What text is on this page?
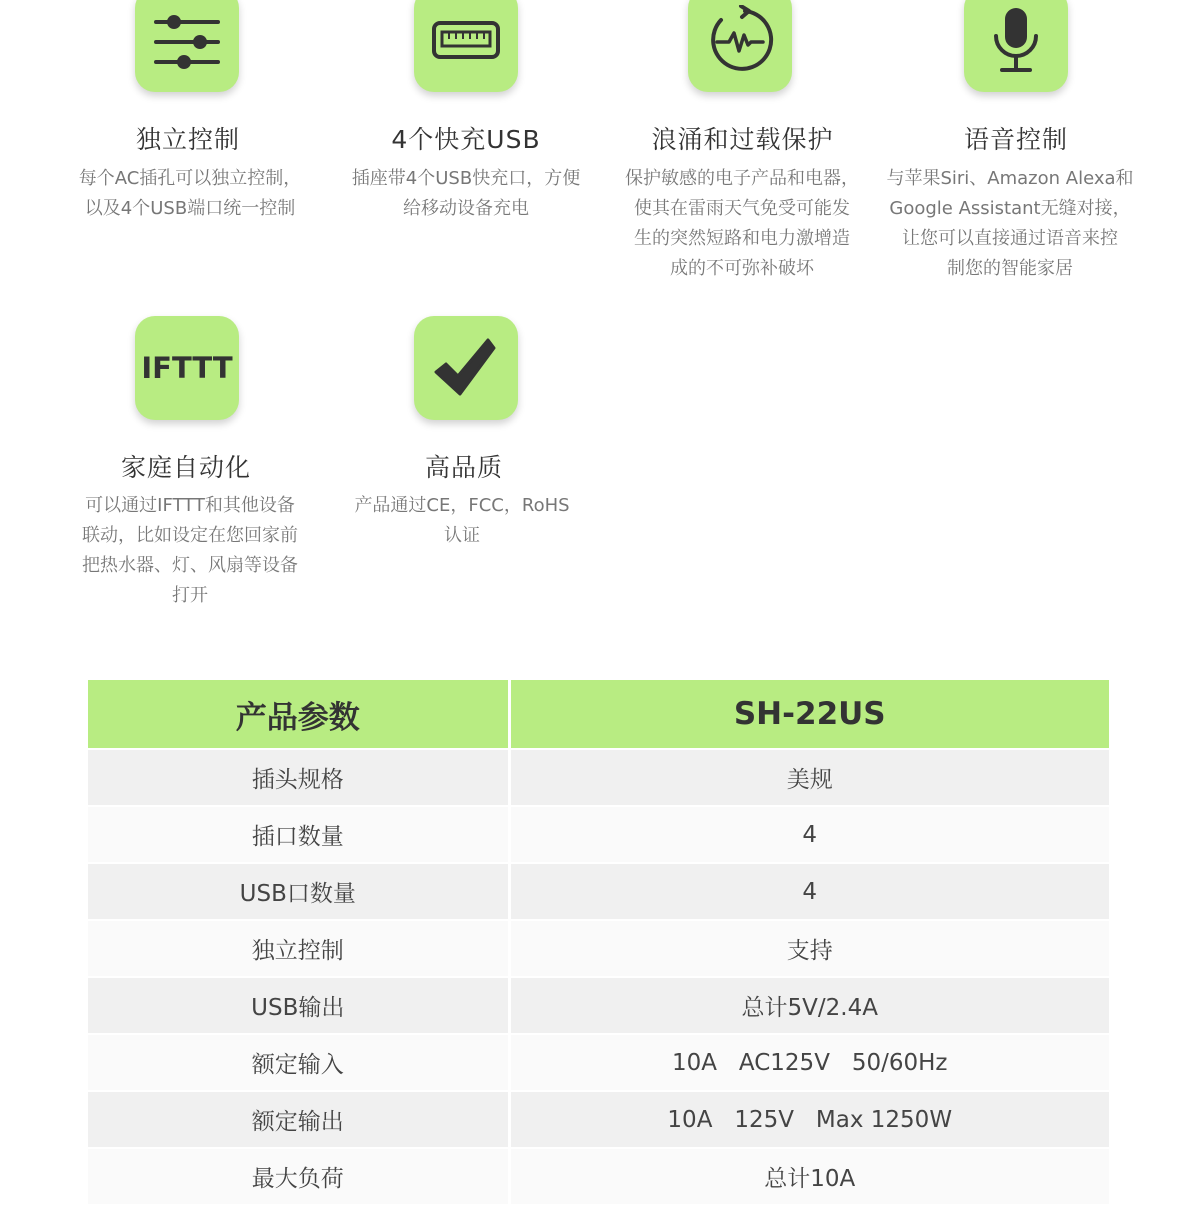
独立控制
每个AC插孔可以独立控制，
以及4个USB端口统一控制
4个快充USB
插座带4个USB快充口，方便
给移动设备充电
浪涌和过载保护
保护敏感的电子产品和电器，
使其在雷雨天气免受可能发
生的突然短路和电力激增造
成的不可弥补破坏
语音控制
与苹果Siri、Amazon Alexa和
Google Assistant无缝对接，
让您可以直接通过语音来控
制您的智能家居
IFTTT
家庭自动化
可以通过IFTTT和其他设备
联动，比如设定在您回家前
把热水器、灯、风扇等设备
打开
高品质
产品通过CE，FCC，RoHS
认证
产品参数	SH-22US
插头规格	美规
插口数量	4
USB口数量	4
独立控制	支持
USB输出	总计5V/2.4A
额定输入	10A   AC125V   50/60Hz
额定输出	10A   125V   Max 1250W
最大负荷	总计10A
